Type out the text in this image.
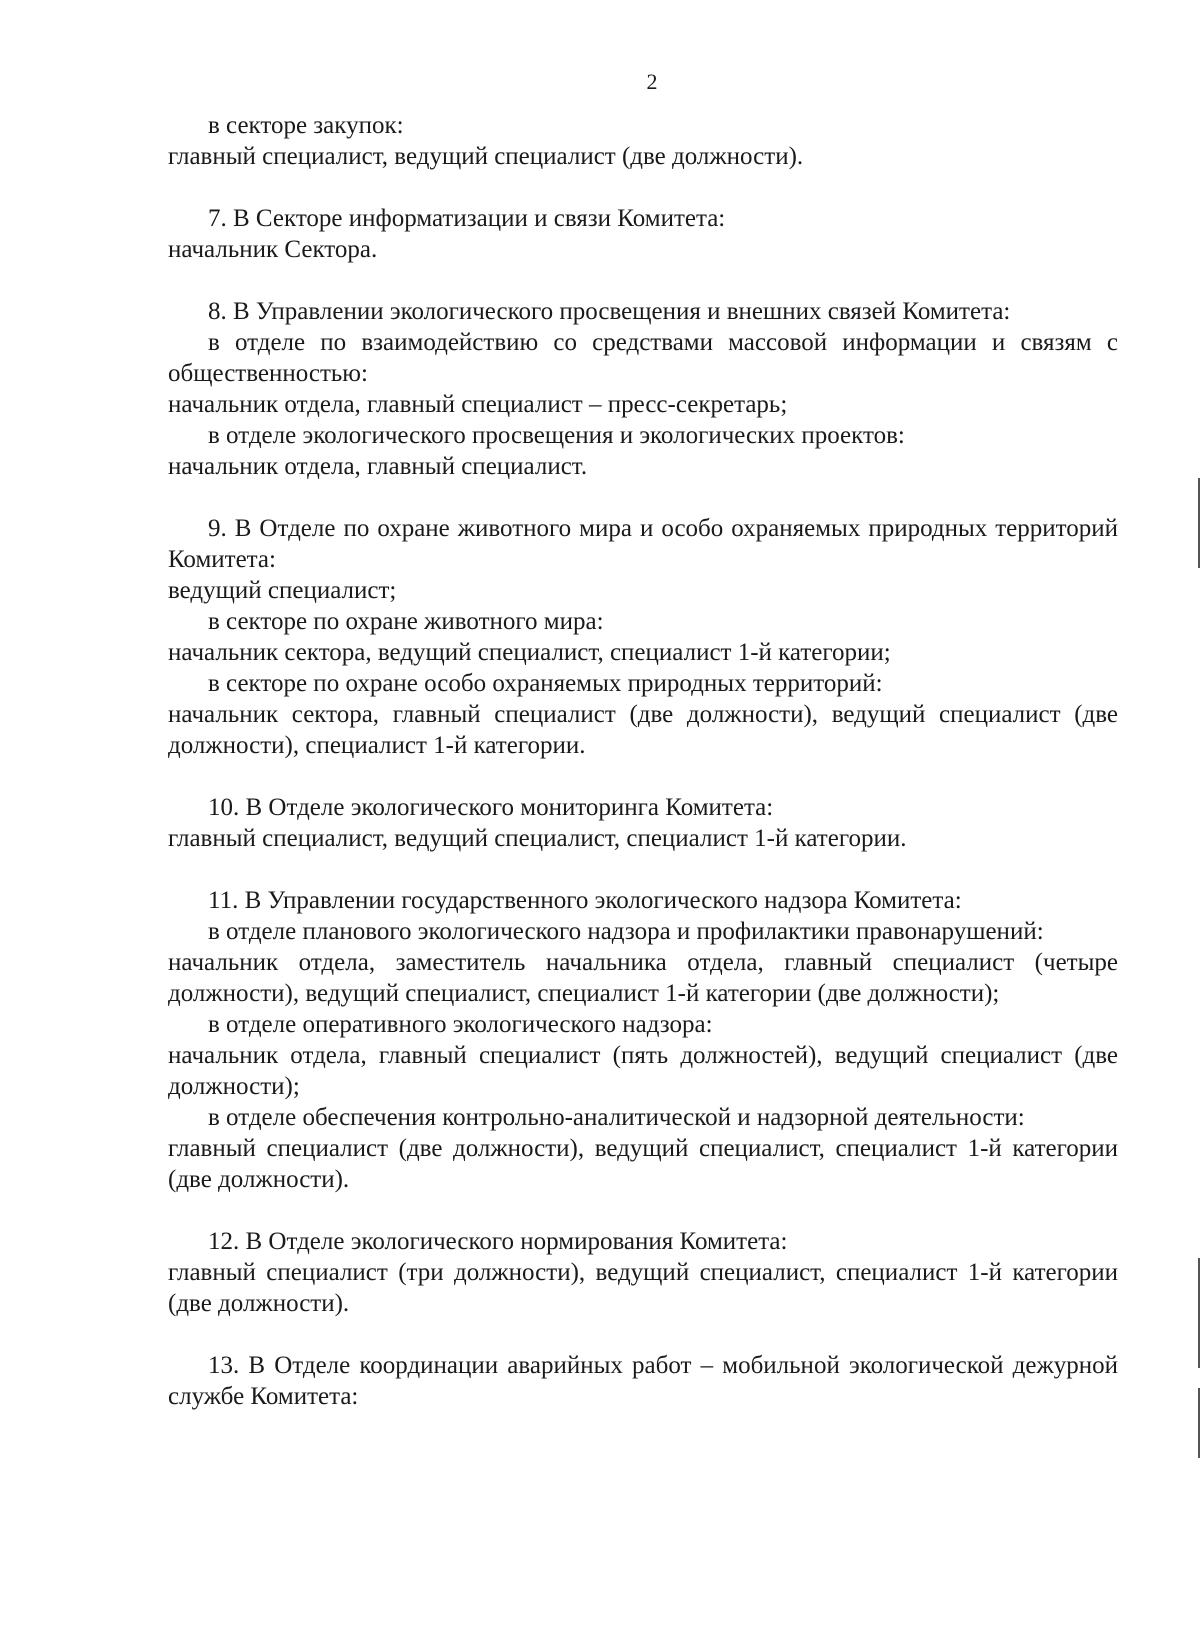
2

в секторе закупок:

главный специалист, ведущий специалист (две должности).

7. В Секторе информатизации и связи Комитета:

начальник Сектора.

8. В Управлении экологического просвещения и внешних связей Комитета:

в отделе по взаимодействию со средствами массовой информации и связям с общественностью:

начальник отдела, главный специалист – пресс-секретарь;

в отделе экологического просвещения и экологических проектов:

начальник отдела, главный специалист.

9. В Отделе по охране животного мира и особо охраняемых природных территорий Комитета:

ведущий специалист;

в секторе по охране животного мира:

начальник сектора, ведущий специалист, специалист 1-й категории;

в секторе по охране особо охраняемых природных территорий:

начальник сектора, главный специалист (две должности), ведущий специалист (две должности), специалист 1-й категории.

10. В Отделе экологического мониторинга Комитета:

главный специалист, ведущий специалист, специалист 1-й категории.

11. В Управлении государственного экологического надзора Комитета:

в отделе планового экологического надзора и профилактики правонарушений:

начальник отдела, заместитель начальника отдела, главный специалист (четыре должности), ведущий специалист, специалист 1-й категории (две должности);

в отделе оперативного экологического надзора:

начальник отдела, главный специалист (пять должностей), ведущий специалист (две должности);

в отделе обеспечения контрольно-аналитической и надзорной деятельности:

главный специалист (две должности), ведущий специалист, специалист 1-й категории (две должности).

12. В Отделе экологического нормирования Комитета:

главный специалист (три должности), ведущий специалист, специалист 1-й категории (две должности).

13. В Отделе координации аварийных работ – мобильной экологической дежурной службе Комитета:
